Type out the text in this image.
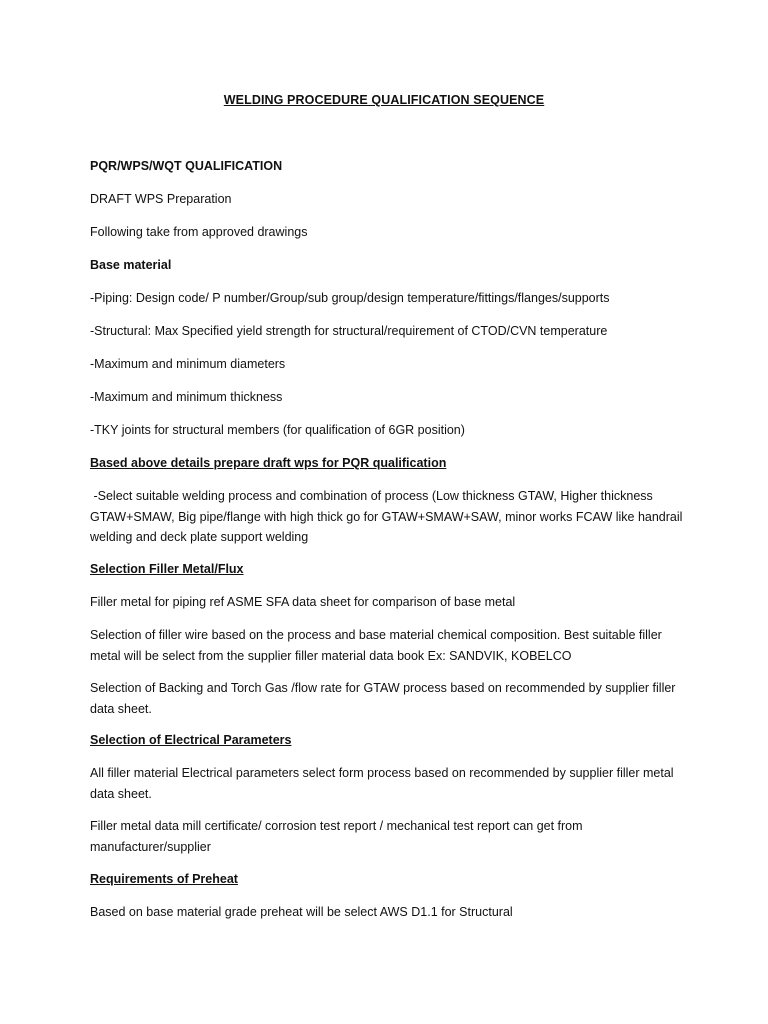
WELDING PROCEDURE QUALIFICATION SEQUENCE

PQR/WPS/WQT QUALIFICATION

DRAFT WPS Preparation

Following take from approved drawings

Base material

-Piping: Design code/ P number/Group/sub group/design temperature/fittings/flanges/supports

-Structural: Max Specified yield strength for structural/requirement of CTOD/CVN temperature

-Maximum and minimum diameters

-Maximum and minimum thickness

-TKY joints for structural members (for qualification of 6GR position)

Based above details prepare draft wps for PQR qualification

-Select suitable welding process and combination of process (Low thickness GTAW, Higher thickness GTAW+SMAW, Big pipe/flange with high thick go for GTAW+SMAW+SAW, minor works FCAW like handrail welding and deck plate support welding

Selection Filler Metal/Flux

Filler metal for piping ref ASME SFA data sheet for comparison of base metal

Selection of filler wire based on the process and base material chemical composition. Best suitable filler metal will be select from the supplier filler material data book Ex: SANDVIK, KOBELCO

Selection of Backing and Torch Gas /flow rate for GTAW process based on recommended by supplier filler data sheet.

Selection of Electrical Parameters

All filler material Electrical parameters select form process based on recommended by supplier filler metal data sheet.

Filler metal data mill certificate/ corrosion test report / mechanical test report can get from manufacturer/supplier

Requirements of Preheat

Based on base material grade preheat will be select AWS D1.1 for Structural
